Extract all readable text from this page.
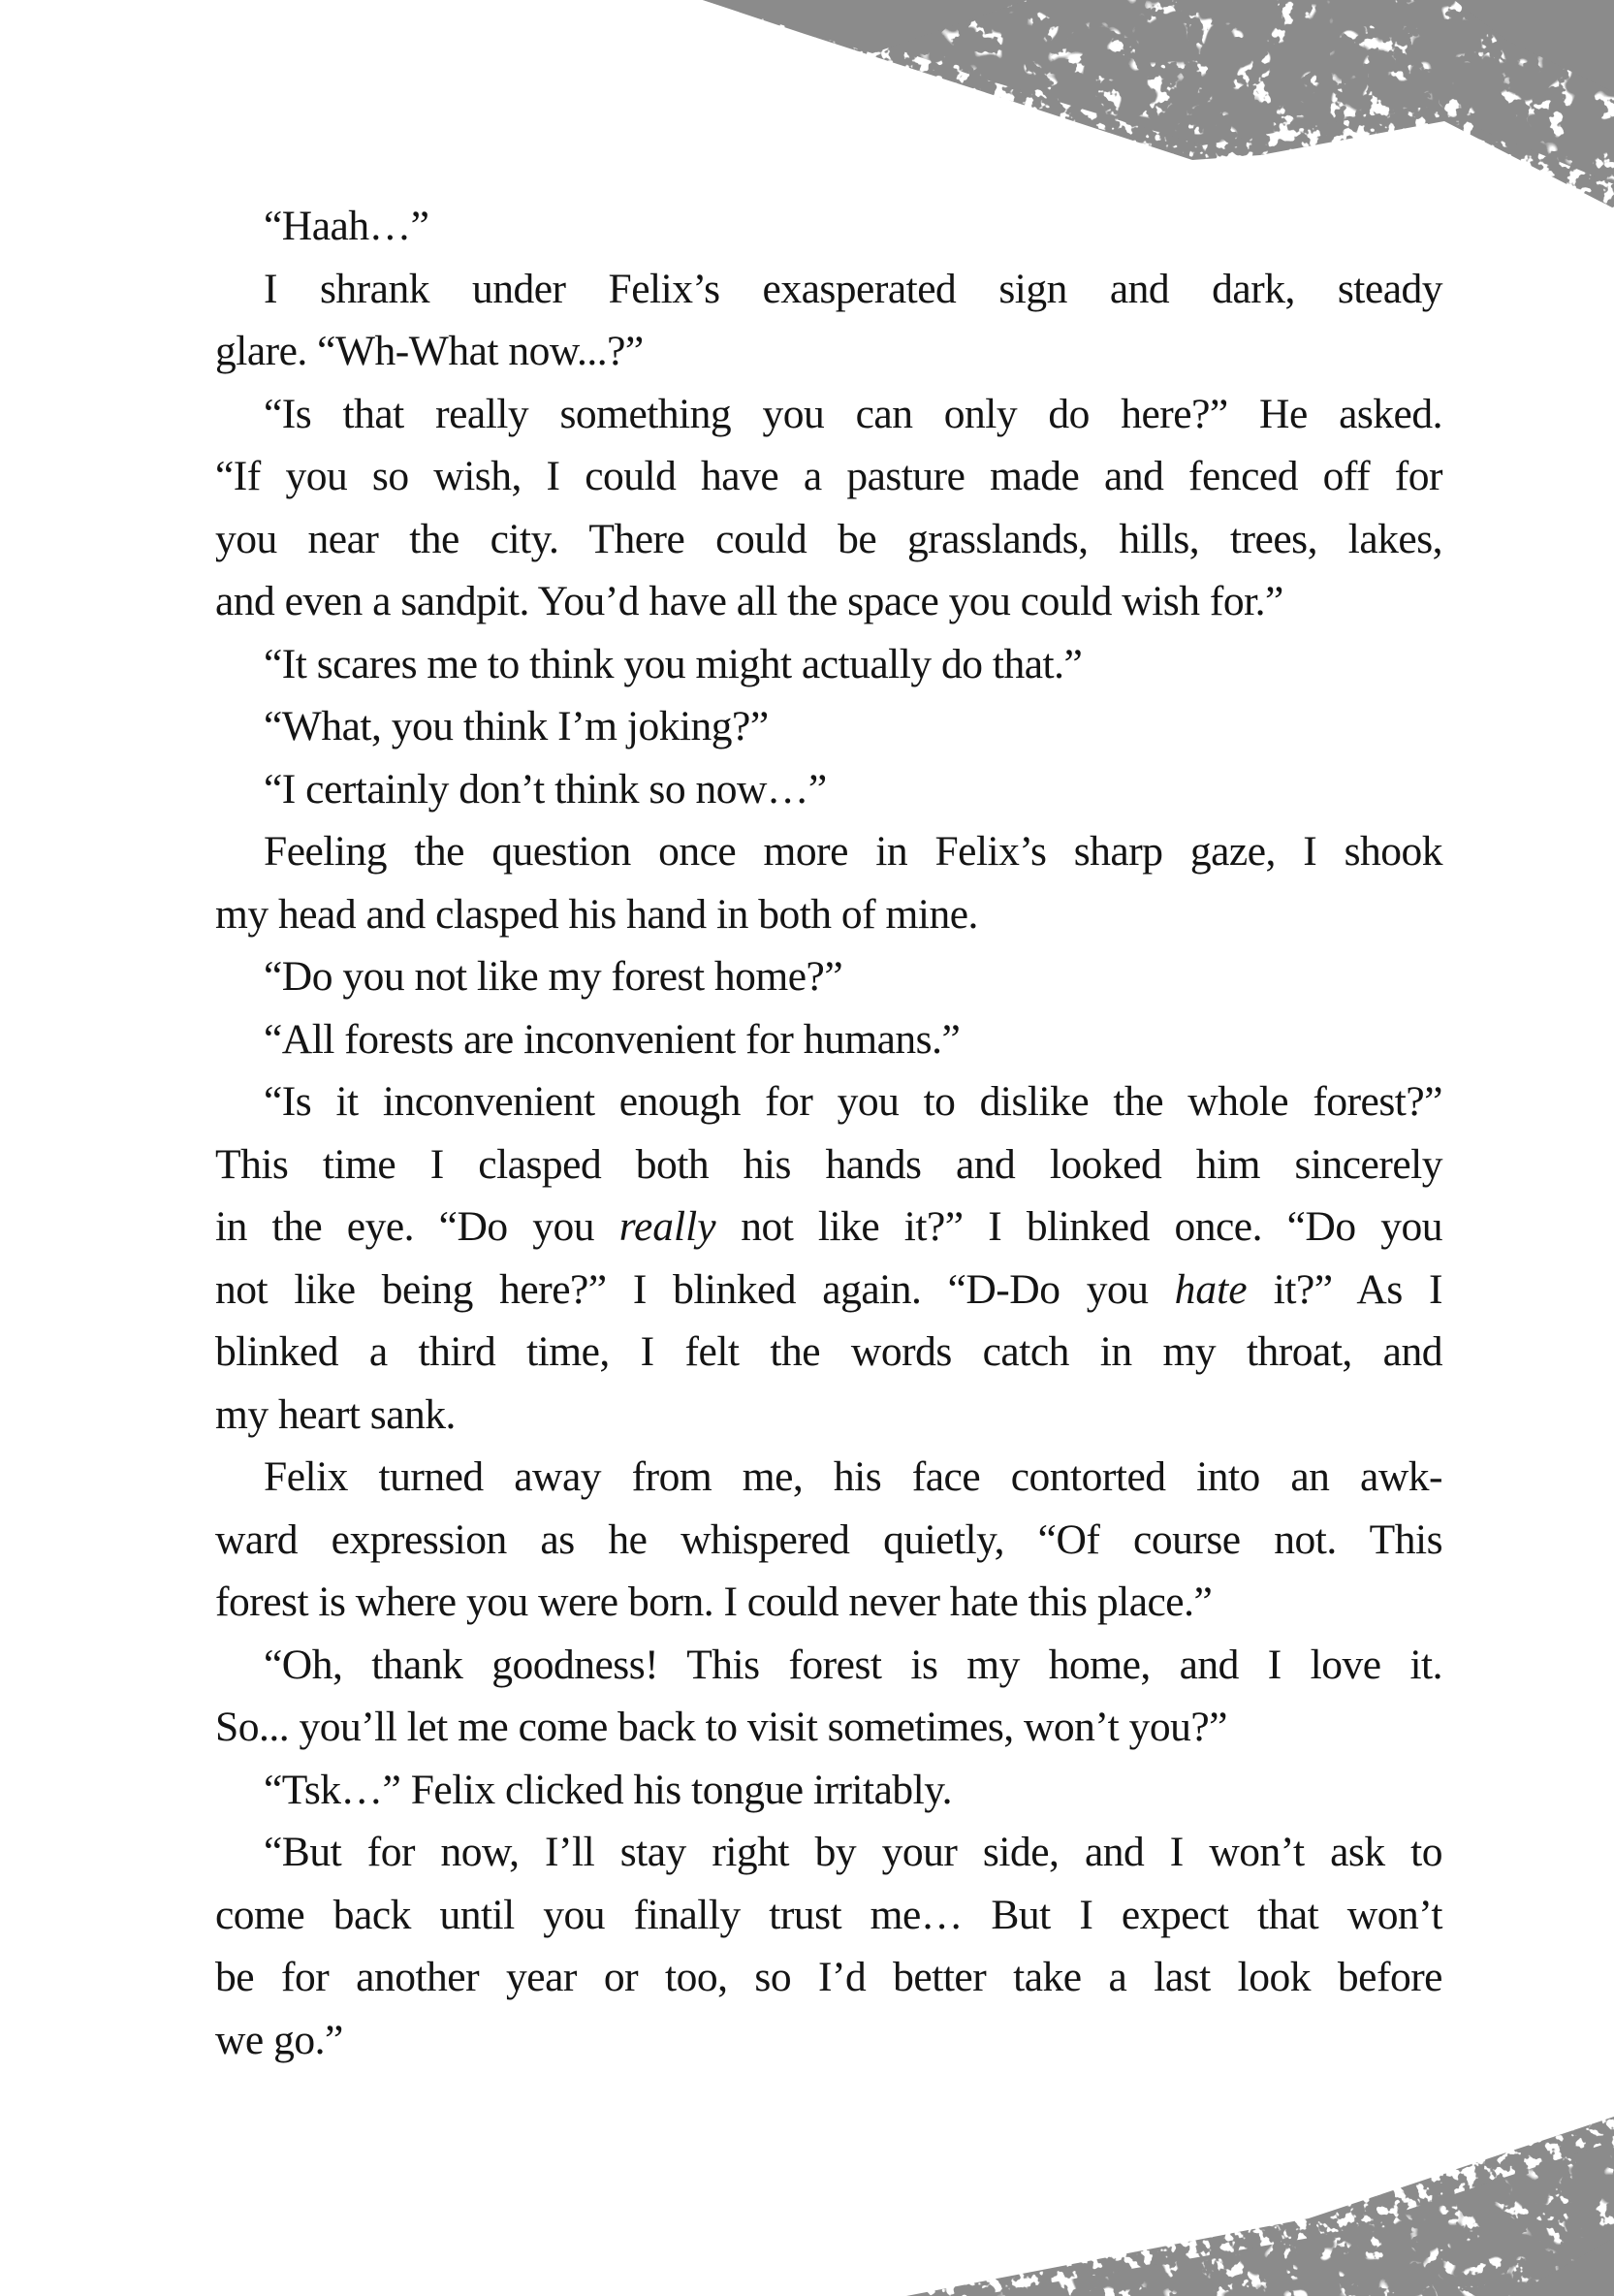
“Haah…”
I shrank under Felix’s exasperated sign and dark, steady
glare. “Wh-What now...?”
“Is that really something you can only do here?” He asked.
“If you so wish, I could have a pasture made and fenced off for
you near the city. There could be grasslands, hills, trees, lakes,
and even a sandpit. You’d have all the space you could wish for.”
“It scares me to think you might actually do that.”
“What, you think I’m joking?”
“I certainly don’t think so now…”
Feeling the question once more in Felix’s sharp gaze, I shook
my head and clasped his hand in both of mine.
“Do you not like my forest home?”
“All forests are inconvenient for humans.”
“Is it inconvenient enough for you to dislike the whole forest?”
This time I clasped both his hands and looked him sincerely
in the eye. “Do you really not like it?” I blinked once. “Do you
not like being here?” I blinked again. “D-Do you hate it?” As I
blinked a third time, I felt the words catch in my throat, and
my heart sank.
Felix turned away from me, his face contorted into an awk-
ward expression as he whispered quietly, “Of course not. This
forest is where you were born. I could never hate this place.”
“Oh, thank goodness! This forest is my home, and I love it.
So... you’ll let me come back to visit sometimes, won’t you?”
“Tsk…” Felix clicked his tongue irritably.
“But for now, I’ll stay right by your side, and I won’t ask to
come back until you finally trust me… But I expect that won’t
be for another year or too, so I’d better take a last look before
we go.”
